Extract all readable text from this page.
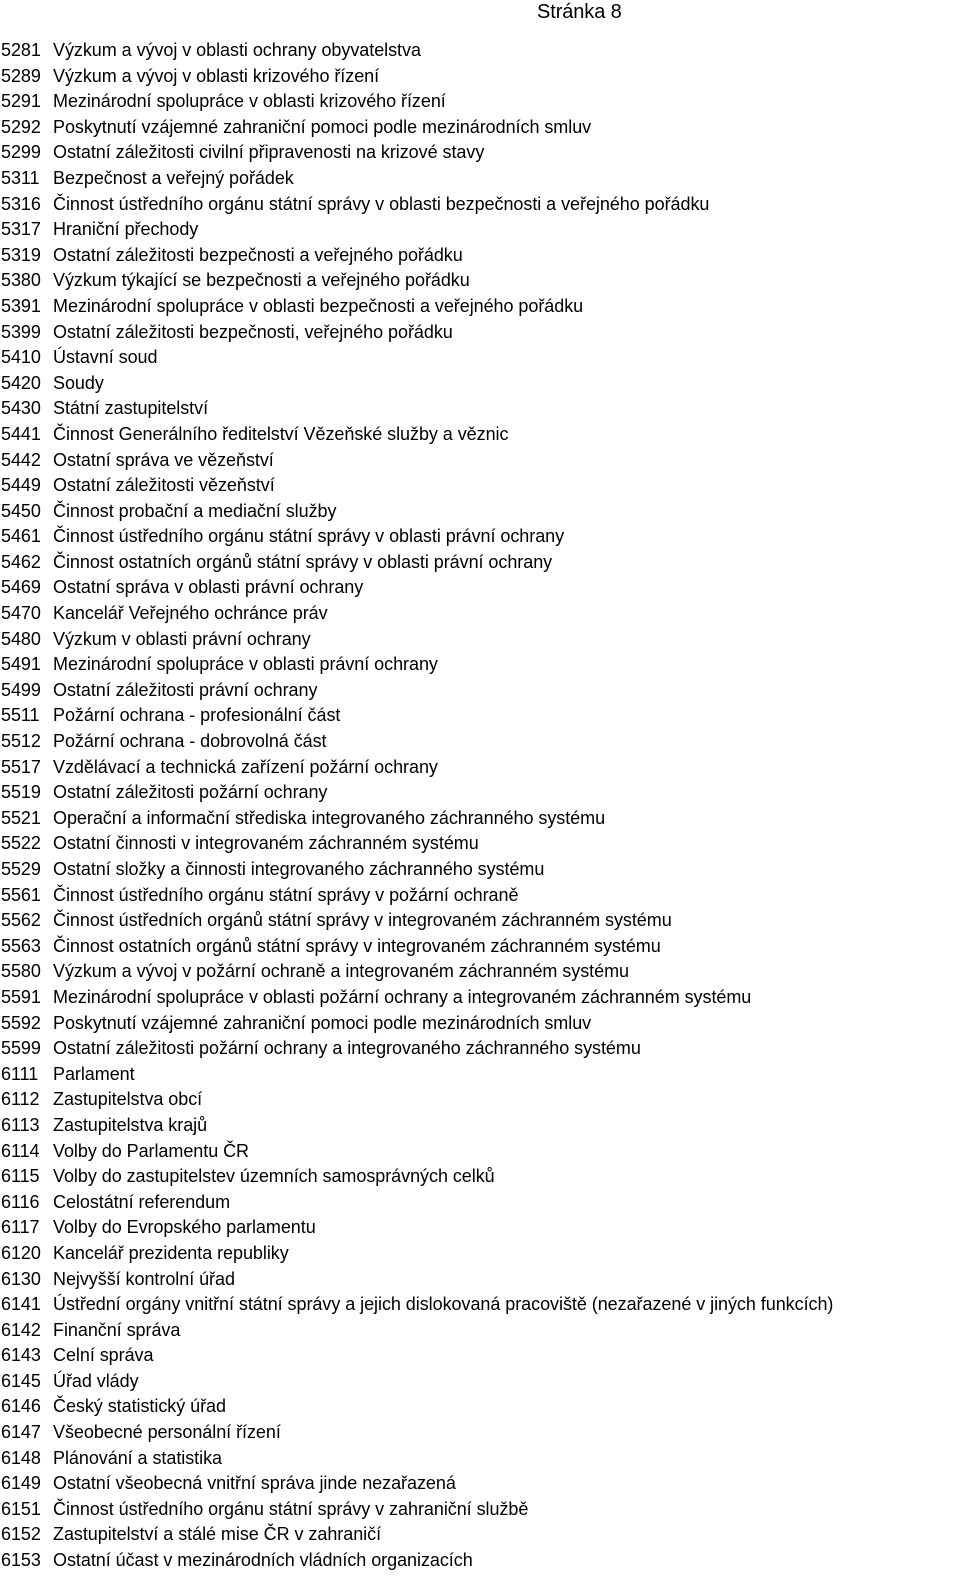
Stránka 8
5281 Výzkum a vývoj v oblasti ochrany obyvatelstva
5289 Výzkum a vývoj v oblasti krizového řízení
5291 Mezinárodní spolupráce v oblasti krizového řízení
5292 Poskytnutí vzájemné zahraniční pomoci podle mezinárodních smluv
5299 Ostatní záležitosti civilní připravenosti na krizové stavy
5311 Bezpečnost a veřejný pořádek
5316 Činnost ústředního orgánu státní správy v oblasti bezpečnosti a veřejného pořádku
5317 Hraniční přechody
5319 Ostatní záležitosti bezpečnosti a veřejného pořádku
5380 Výzkum týkající se bezpečnosti a veřejného pořádku
5391 Mezinárodní spolupráce v oblasti bezpečnosti a veřejného pořádku
5399 Ostatní záležitosti bezpečnosti, veřejného pořádku
5410 Ústavní soud
5420 Soudy
5430 Státní zastupitelství
5441 Činnost Generálního ředitelství Vězeňské služby a věznic
5442 Ostatní správa ve vězeňství
5449 Ostatní záležitosti vězeňství
5450 Činnost probační a mediační služby
5461 Činnost ústředního orgánu státní správy v oblasti právní ochrany
5462 Činnost ostatních orgánů státní správy v oblasti právní ochrany
5469 Ostatní správa v oblasti právní ochrany
5470 Kancelář Veřejného ochránce práv
5480 Výzkum v oblasti právní ochrany
5491 Mezinárodní spolupráce v oblasti právní ochrany
5499 Ostatní záležitosti právní ochrany
5511 Požární ochrana - profesionální část
5512 Požární ochrana - dobrovolná část
5517 Vzdělávací a technická zařízení požární ochrany
5519 Ostatní záležitosti požární ochrany
5521 Operační a informační střediska integrovaného záchranného systému
5522 Ostatní činnosti v integrovaném záchranném systému
5529 Ostatní složky a činnosti integrovaného záchranného systému
5561 Činnost ústředního orgánu státní správy v požární ochraně
5562 Činnost ústředních orgánů státní správy v integrovaném záchranném systému
5563 Činnost ostatních orgánů státní správy v integrovaném záchranném systému
5580 Výzkum a vývoj v požární ochraně a integrovaném záchranném systému
5591 Mezinárodní spolupráce v oblasti požární ochrany a integrovaném záchranném systému
5592 Poskytnutí vzájemné zahraniční pomoci podle mezinárodních smluv
5599 Ostatní záležitosti požární ochrany a integrovaného záchranného systému
6111 Parlament
6112 Zastupitelstva obcí
6113 Zastupitelstva krajů
6114 Volby do Parlamentu ČR
6115 Volby do zastupitelstev územních samosprávných celků
6116 Celostátní referendum
6117 Volby do Evropského parlamentu
6120 Kancelář prezidenta republiky
6130 Nejvyšší kontrolní úřad
6141 Ústřední orgány vnitřní státní správy a jejich dislokovaná pracoviště (nezařazené v jiných funkcích)
6142 Finanční správa
6143 Celní správa
6145 Úřad vlády
6146 Český statistický úřad
6147 Všeobecné personální řízení
6148 Plánování a statistika
6149 Ostatní všeobecná vnitřní správa jinde nezařazená
6151 Činnost ústředního orgánu státní správy v zahraniční službě
6152 Zastupitelství a stálé mise ČR v zahraničí
6153 Ostatní účast v mezinárodních vládních organizacích
